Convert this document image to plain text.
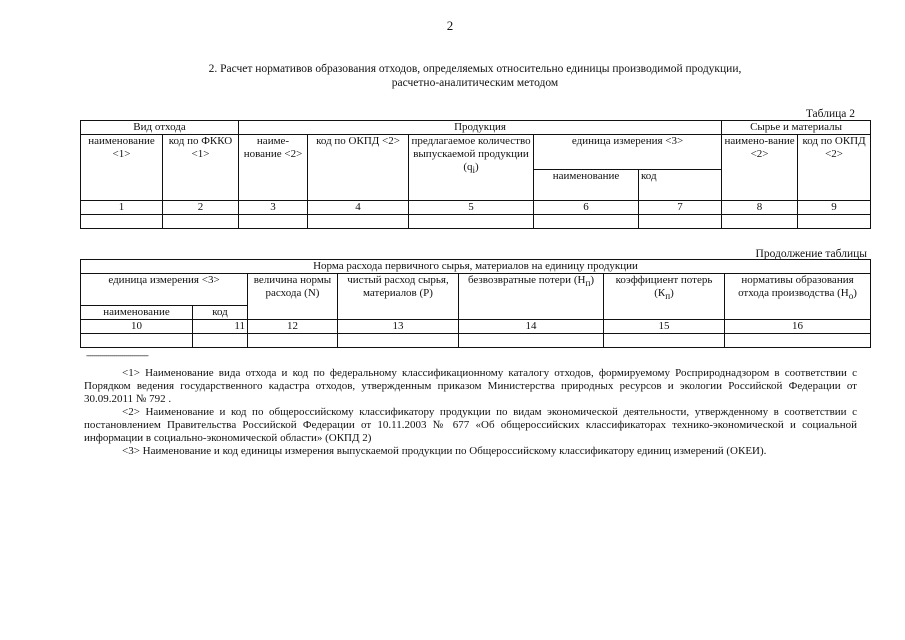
2
2. Расчет нормативов образования отходов, определяемых относительно единицы производимой продукции,
расчетно-аналитическим методом
Таблица 2
Вид отхода		Продукция					Сырье и материалы	
наименование <1>	код по ФККО <1>	наиме-нование <2>	код по ОКПД <2>	предлагаемое количество выпускаемой продукции $(q_i)$	единица измерения <3>		наимено-вание <2>	код по ОКПД <2>
					наименование	код		
1	2	3	4	5	6	7	8	9

Продолжение таблицы
Норма расхода первичного сырья, материалов на единицу продукции						
единица измерения <3>		величина нормы расхода (N)	чистый расход сырья, материалов (P)	безвозвратные потери $(Н_п)$	коэффициент потерь $(К_п)$	нормативы образования отхода производства $(Н_о)$
наименование	код					
10	11	12	13	14	15	16

-------------------------------

<1> Наименование вида отхода и код по федеральному классификационному каталогу отходов, формируемому Росприроднадзором в соответствии с Порядком ведения государственного кадастра отходов, утвержденным приказом Министерства природных ресурсов и экологии Российской Федерации от 30.09.2011 № 792 .

<2> Наименование и код по общероссийскому классификатору продукции по видам экономической деятельности, утвержденному в соответствии с постановлением Правительства Российской Федерации от 10.11.2003 № 677 «Об общероссийских классификаторах технико-экономической и социальной информации в социально-экономической области» (ОКПД 2)

<3> Наименование и код единицы измерения выпускаемой продукции по Общероссийскому классификатору единиц измерений (ОКЕИ).
